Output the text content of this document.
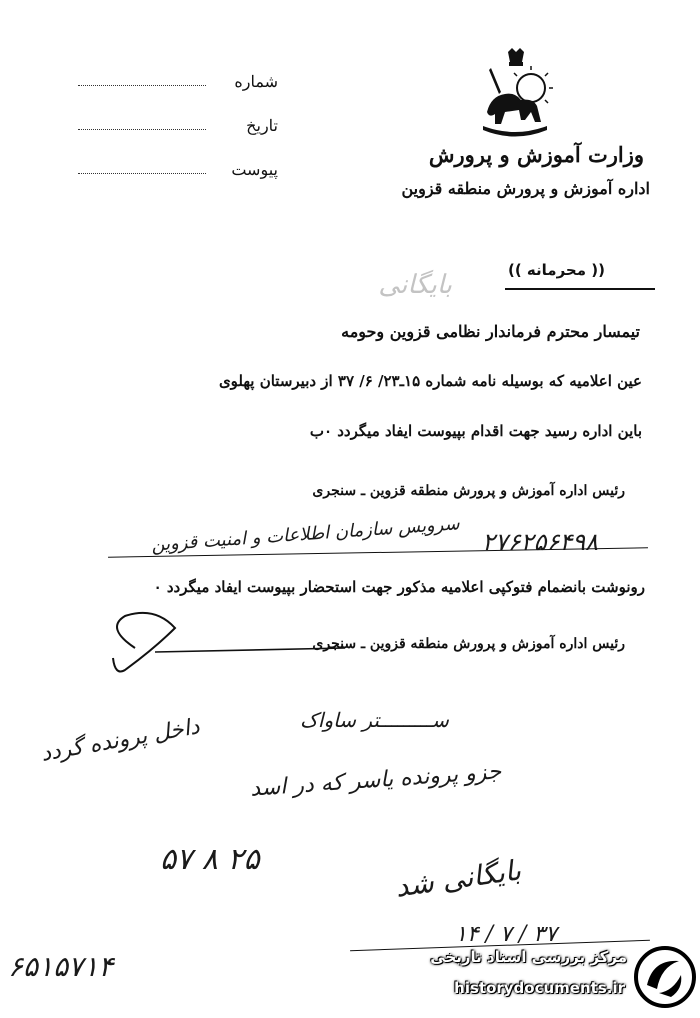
شماره
تاریخ
پیوست
وزارت آموزش و پرورش
اداره آموزش و پرورش منطقه قزوین
(( محرمانه ))
بایگانی
تیمسار محترم فرماندار نظامی قزوین وحومه
عین اعلامیه که بوسیله نامه شماره ۱۵ـ۲۳/ ۶/ ۳۷ از دبیرستان پهلوی
باین اداره رسید جهت اقدام بپیوست ایفاد میگردد ۰ب
رئیس اداره آموزش و پرورش منطقه قزوین ـ سنجری
سرویس سازمان اطلاعات و امنیت قزوین ۲۷۶۲۵۶۴۹۸
رونوشت بانضمام فتوکپی اعلامیه مذکور جهت استحضار بپیوست ایفاد میگردد ۰
رئیس اداره آموزش و پرورش منطقه قزوین ـ سنجری
ســـــــــتر ساواک
داخل پرونده گردد
جزو پرونده یاسر که در اسد
۵۷ ۸ ۲۵	بایگانی شد
۱۴ / ۷ / ۳۷
۶۵۱۵۷۱۴	مرکز بررسی اسناد تاریخی
historydocuments.ir
